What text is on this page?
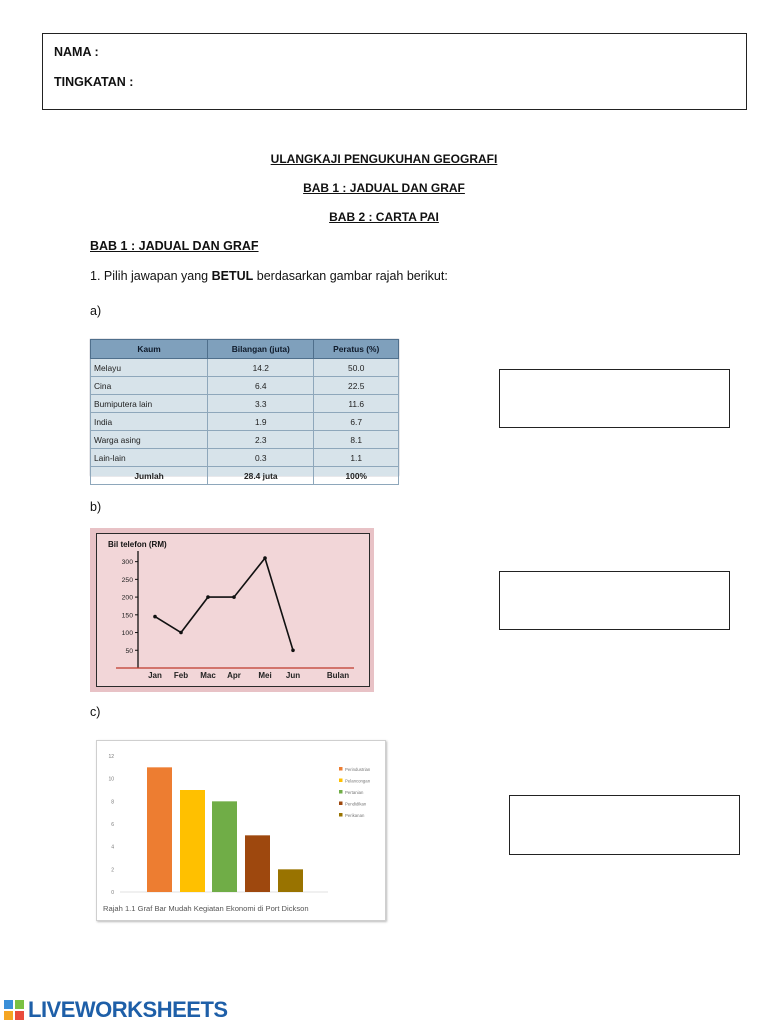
NAMA :
TINGKATAN :
ULANGKAJI PENGUKUHAN GEOGRAFI
BAB 1 : JADUAL DAN GRAF
BAB 2 : CARTA PAI
BAB 1 : JADUAL DAN GRAF
1. Pilih jawapan yang BETUL berdasarkan gambar rajah berikut:
a)
b)
c)
Kaum	Bilangan (juta)	Peratus (%)
Melayu	14.2	50.0
Cina	6.4	22.5
Bumiputera lain	3.3	11.6
India	1.9	6.7
Warga asing	2.3	8.1
Lain-lain	0.3	1.1
Jumlah	28.4 juta	100%
Bil telefon (RM)
50
100
150
200
250
300
Jan Feb Mac Apr Mei Jun	Bulan
0
2
4
6
8
10
12
Perindustrian
Pelancongan
Pertanian
Pendidikan
Perikanan
Rajah 1.1 Graf Bar Mudah Kegiatan Ekonomi di Port Dickson
LIVEWORKSHEETS
